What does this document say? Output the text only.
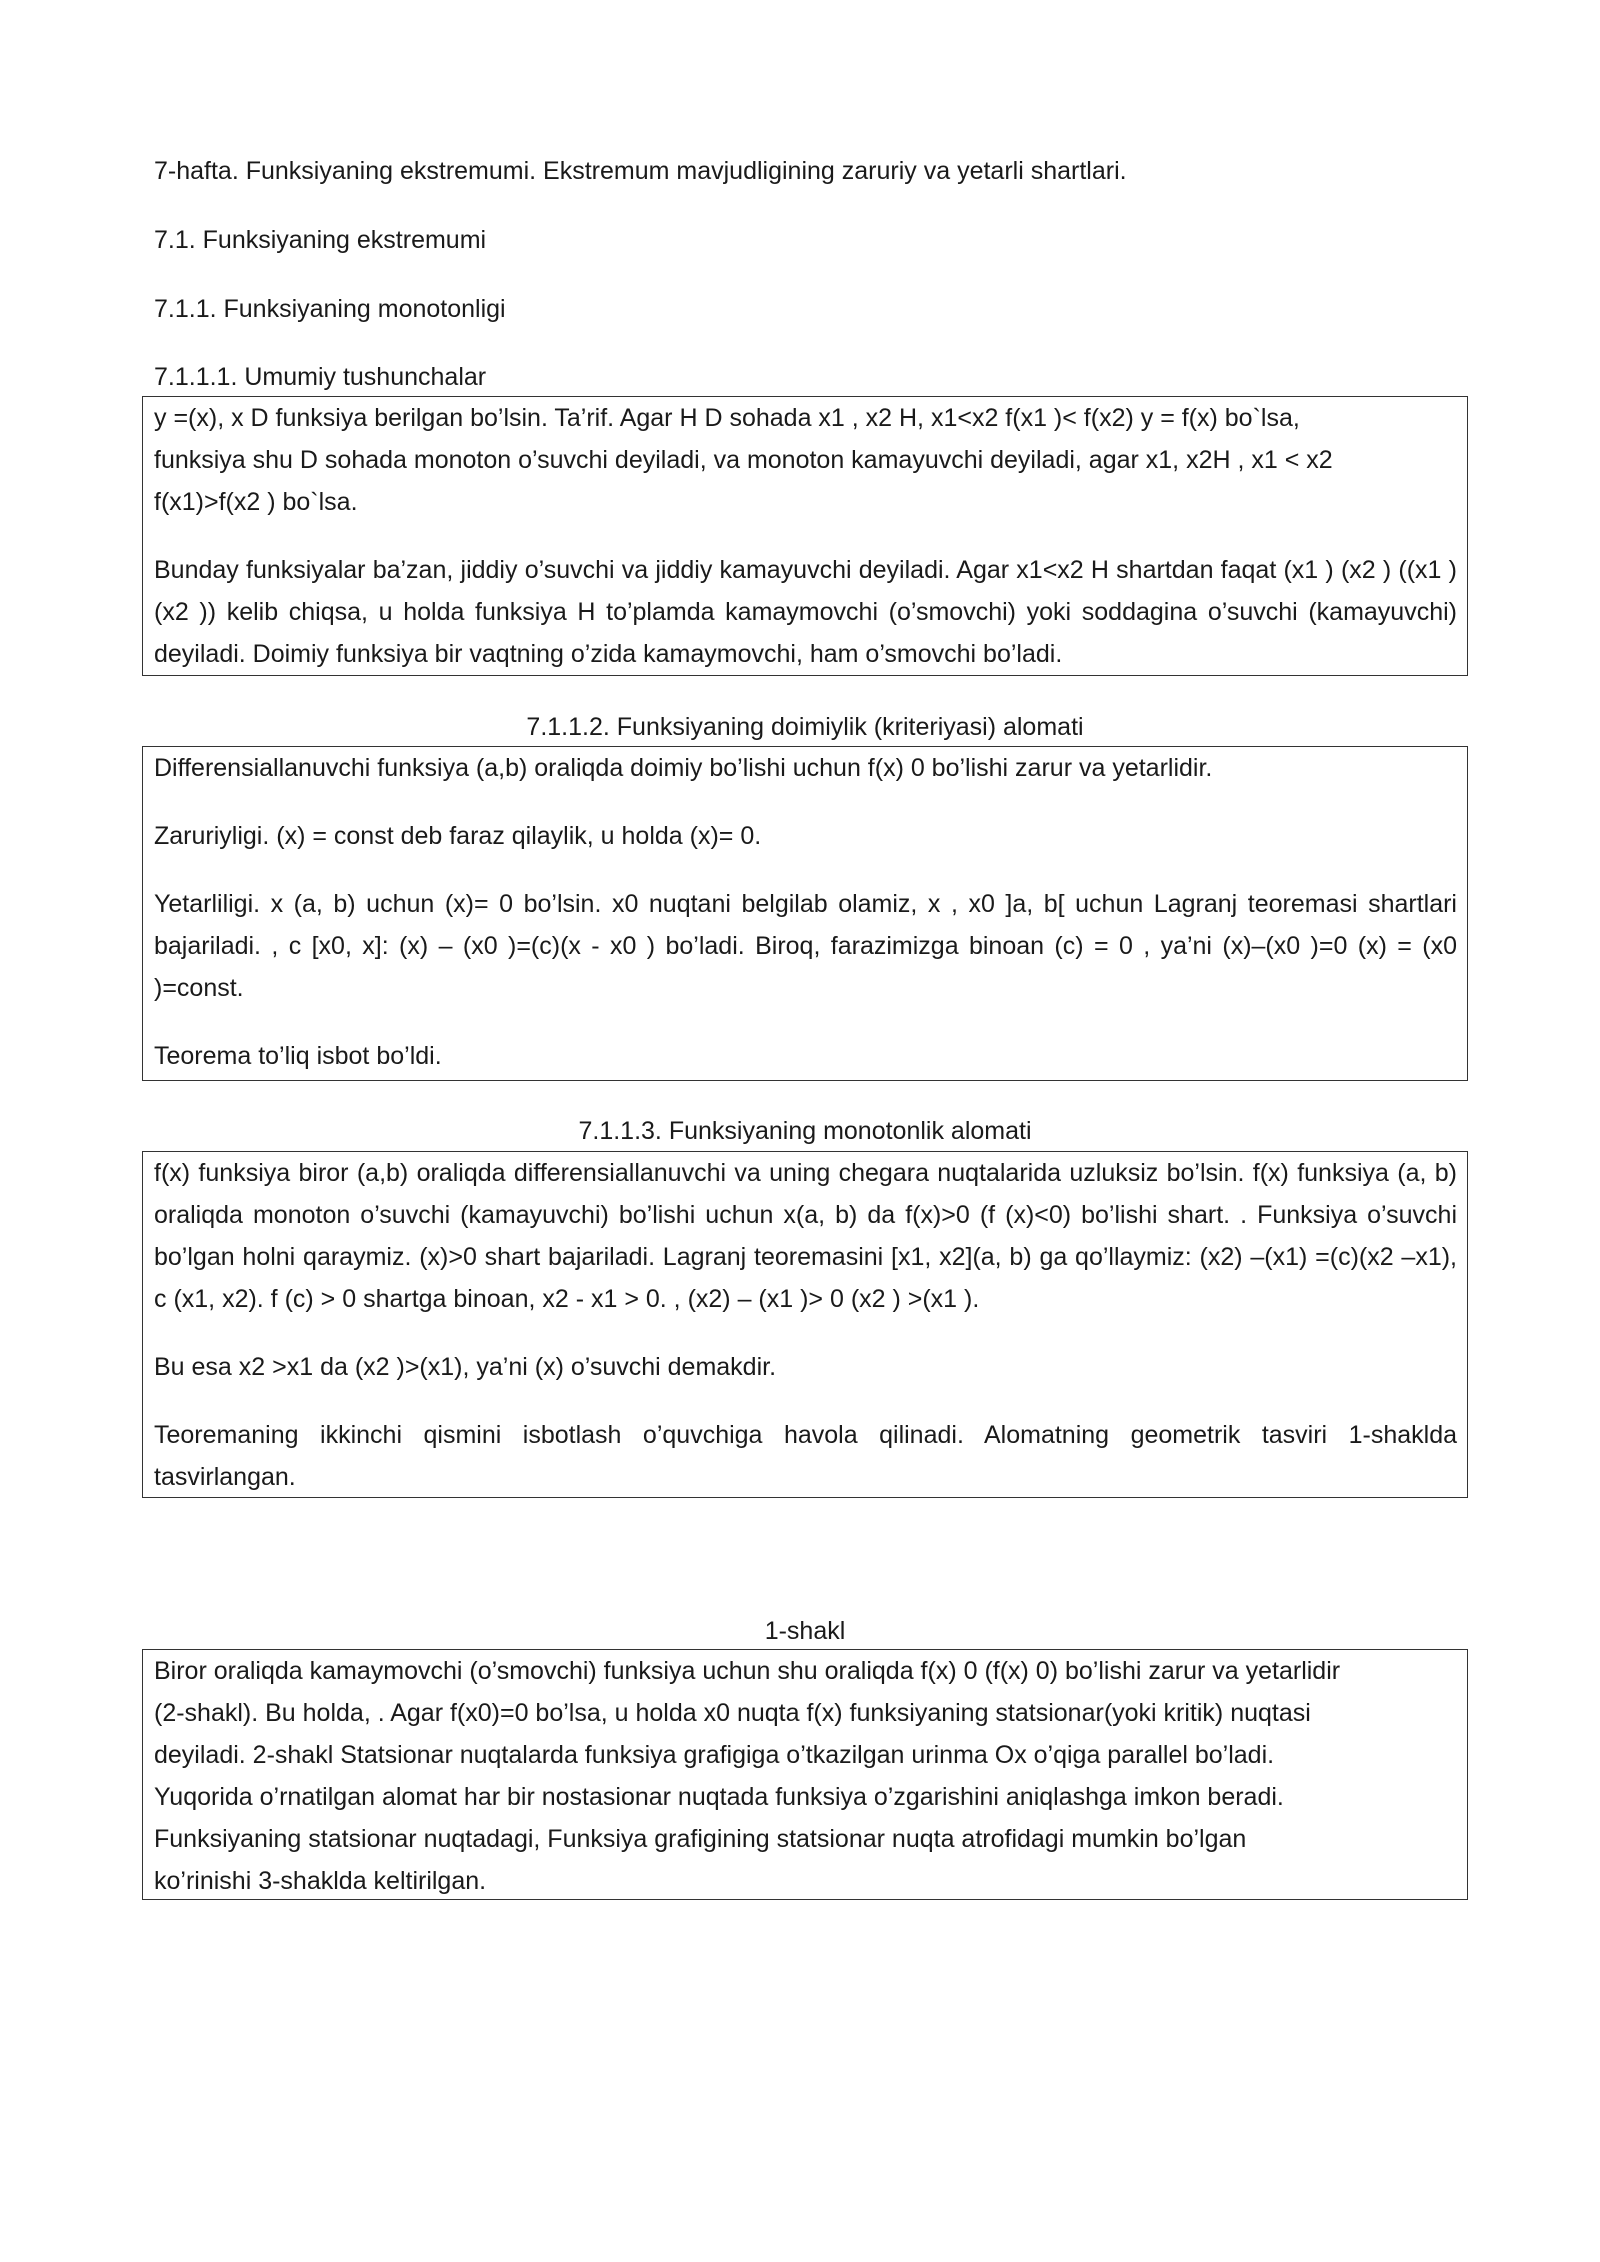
7-hafta. Funksiyaning ekstremumi. Ekstremum mavjudligining zaruriy va yetarli shartlari.

7.1. Funksiyaning ekstremumi

7.1.1. Funksiyaning monotonligi

7.1.1.1. Umumiy tushunchalar

y =(x), x D funksiya berilgan bo’lsin. Ta’rif. Agar H D sohada x1 , x2 H, x1<x2 f(x1 )< f(x2) y = f(x) bo`lsa,
funksiya shu D sohada monoton o’suvchi deyiladi, va monoton kamayuvchi deyiladi, agar x1, x2H , x1 < x2
f(x1)>f(x2 ) bo`lsa.

Bunday funksiyalar ba’zan, jiddiy o’suvchi va jiddiy kamayuvchi deyiladi. Agar x1<x2 H shartdan faqat (x1 ) (x2 ) ((x1 )(x2 )) kelib chiqsa, u holda funksiya H to’plamda kamaymovchi (o’smovchi) yoki soddagina o’suvchi (kamayuvchi) deyiladi. Doimiy funksiya bir vaqtning o’zida kamaymovchi, ham o’smovchi bo’ladi.

7.1.1.2. Funksiyaning doimiylik (kriteriyasi) alomati

Differensiallanuvchi funksiya (a,b) oraliqda doimiy bo’lishi uchun f(x) 0 bo’lishi zarur va yetarlidir.

Zaruriyligi. (x) = const deb faraz qilaylik, u holda (x)= 0.

Yetarliligi. x (a, b) uchun (x)= 0 bo’lsin. x0 nuqtani belgilab olamiz, x , x0 ]a, b[ uchun Lagranj teoremasi shartlari bajariladi. , c [x0, x]: (x) – (x0 )=(c)(x - x0 ) bo’ladi. Biroq, farazimizga binoan (c) = 0 , ya’ni (x)–(x0 )=0 (x) = (x0 )=const.

Teorema to’liq isbot bo’ldi.

7.1.1.3. Funksiyaning monotonlik alomati

f(x) funksiya biror (a,b) oraliqda differensiallanuvchi va uning chegara nuqtalarida uzluksiz bo’lsin. f(x) funksiya (a, b) oraliqda monoton o’suvchi (kamayuvchi) bo’lishi uchun x(a, b) da f(x)>0 (f (x)<0) bo’lishi shart. . Funksiya o’suvchi bo’lgan holni qaraymiz. (x)>0 shart bajariladi. Lagranj teoremasini [x1, x2](a, b) ga qo’llaymiz: (x2) –(x1) =(c)(x2 –x1), c (x1, x2). f (c) > 0 shartga binoan, x2 - x1 > 0. , (x2) – (x1 )> 0 (x2 ) >(x1 ).

Bu esa x2 >x1 da (x2 )>(x1), ya’ni (x) o’suvchi demakdir.

Teoremaning ikkinchi qismini isbotlash o’quvchiga havola qilinadi. Alomatning geometrik tasviri 1-shaklda tasvirlangan.

1-shakl

Biror oraliqda kamaymovchi (o’smovchi) funksiya uchun shu oraliqda f(x) 0 (f(x) 0) bo’lishi zarur va yetarlidir
(2-shakl). Bu holda, . Agar f(x0)=0 bo’lsa, u holda x0 nuqta f(x) funksiyaning statsionar(yoki kritik) nuqtasi
deyiladi. 2-shakl Statsionar nuqtalarda funksiya grafigiga o’tkazilgan urinma Ox o’qiga parallel bo’ladi.
Yuqorida o’rnatilgan alomat har bir nostasionar nuqtada funksiya o’zgarishini aniqlashga imkon beradi.
Funksiyaning statsionar nuqtadagi, Funksiya grafigining statsionar nuqta atrofidagi mumkin bo’lgan
ko’rinishi 3-shaklda keltirilgan.
